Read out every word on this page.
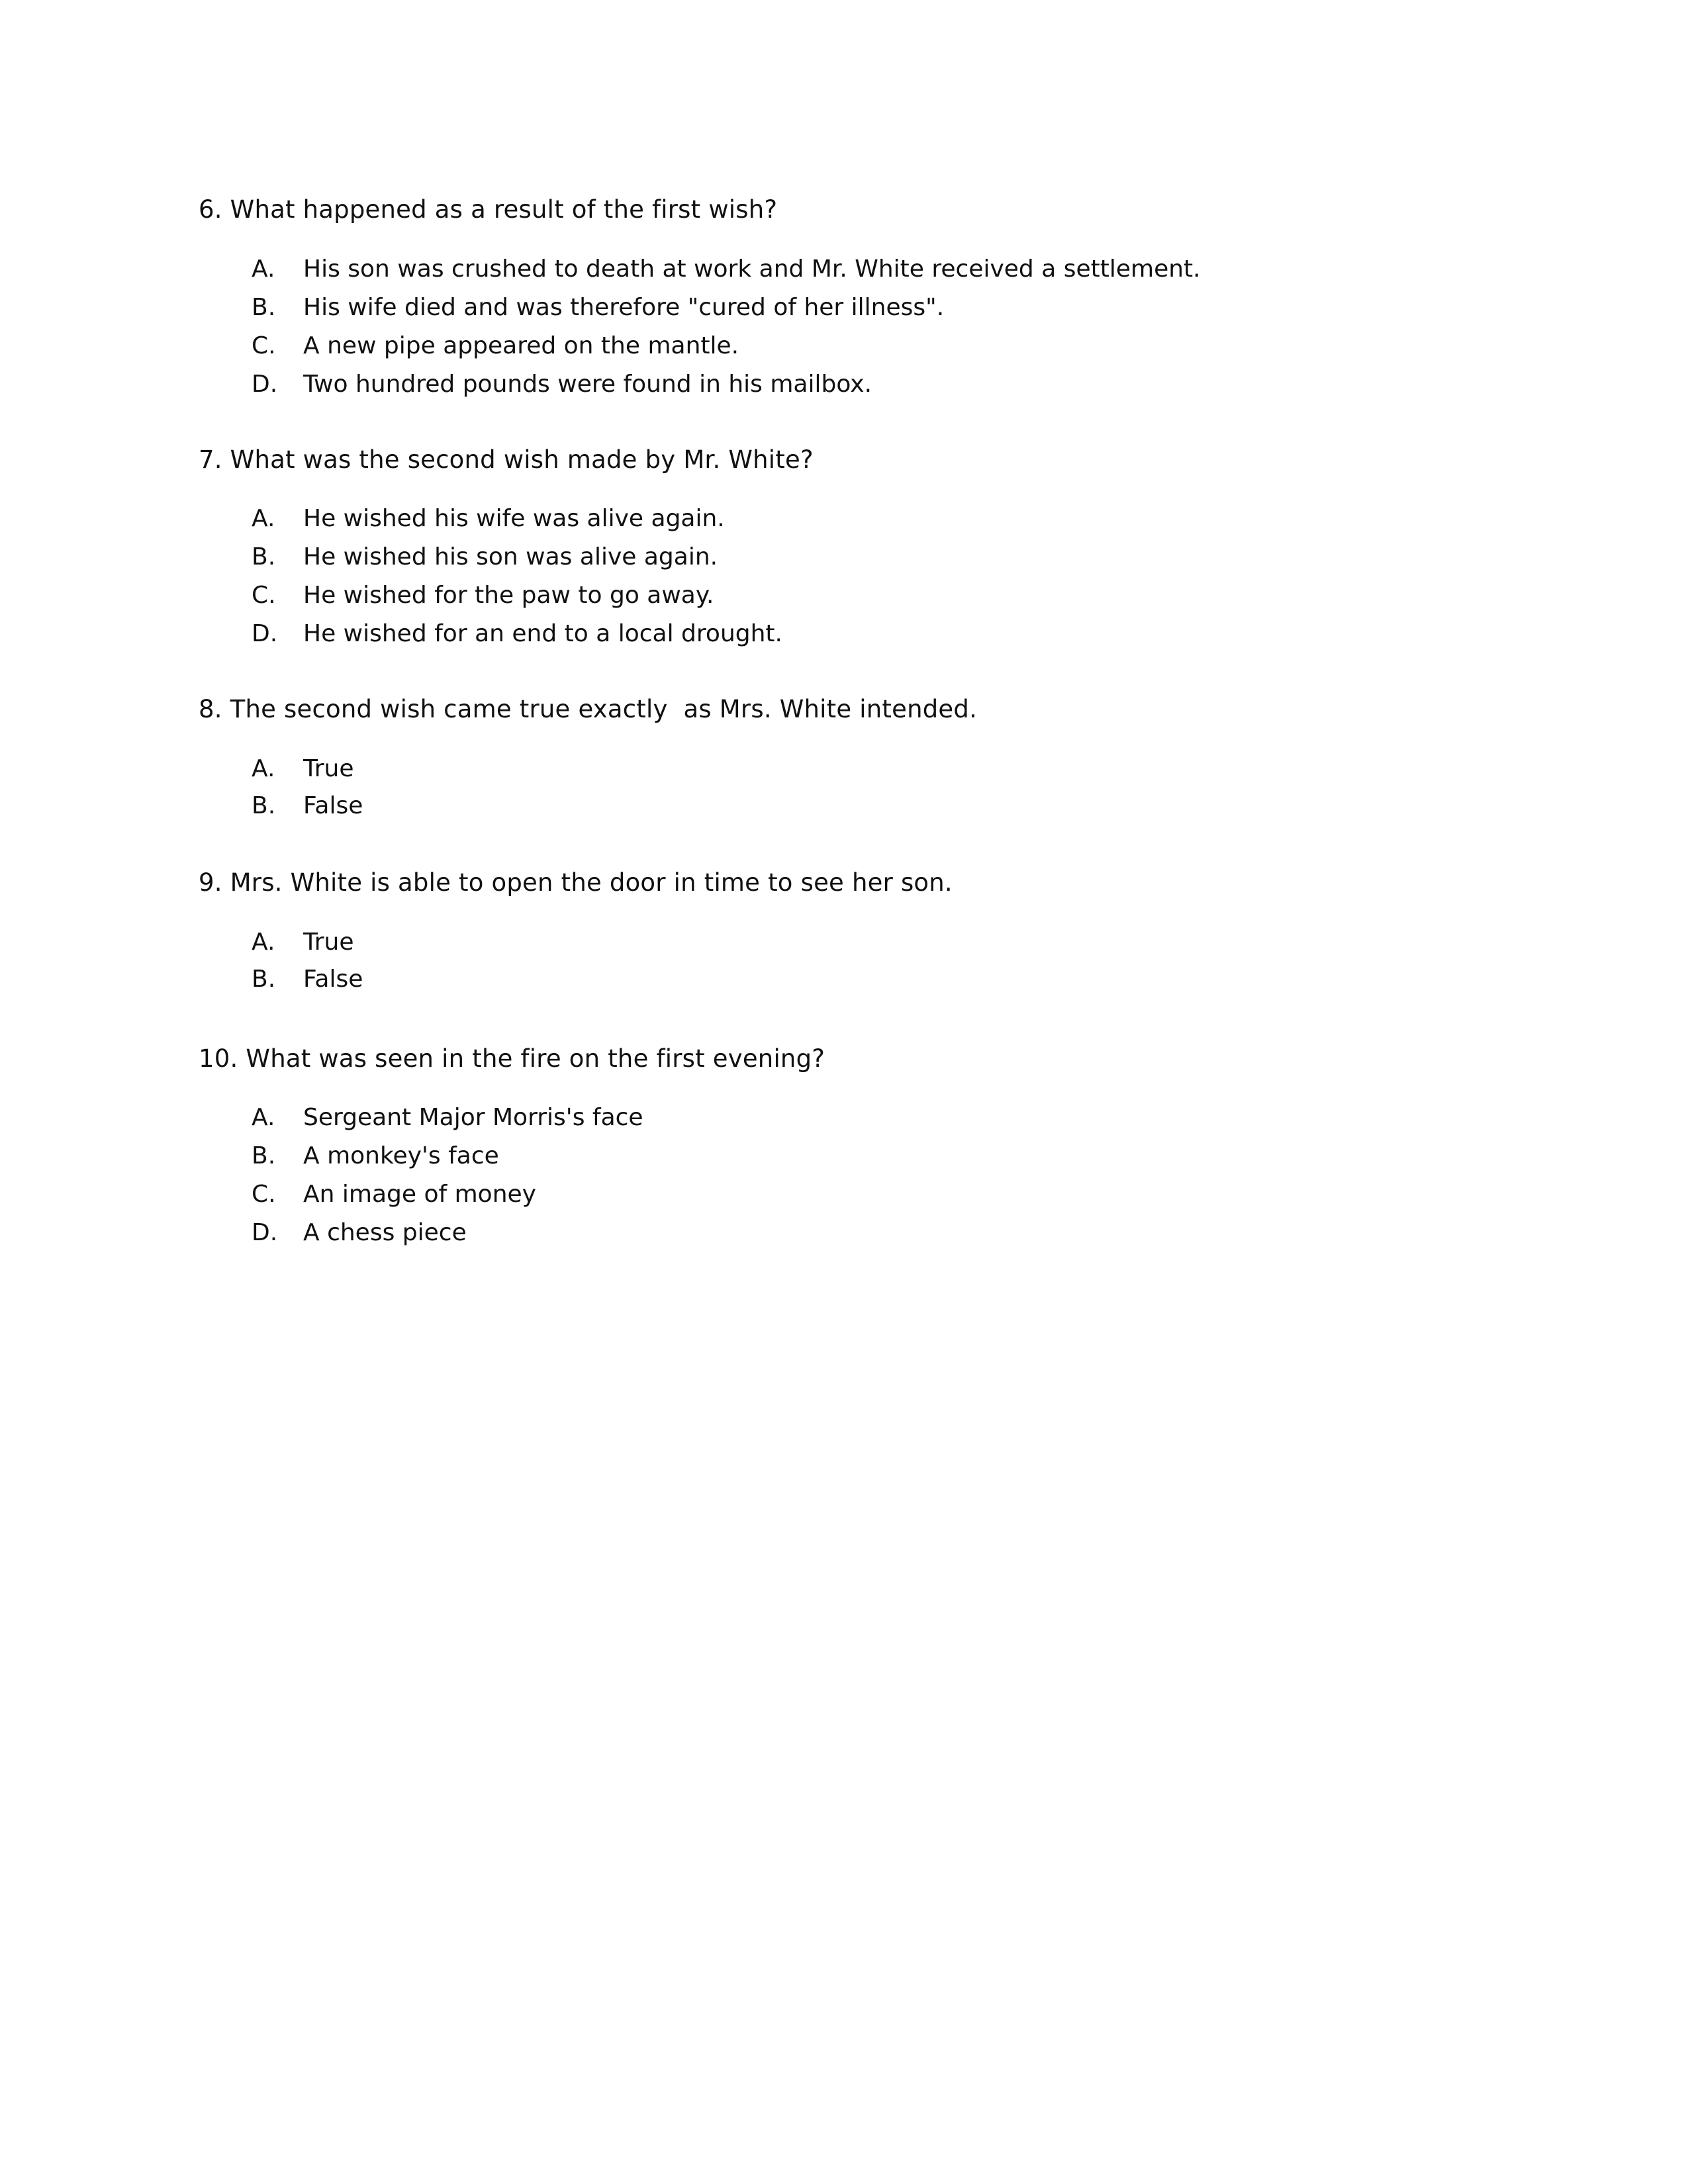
6. What happened as a result of the first wish?

A.	His son was crushed to death at work and Mr. White received a settlement.
B.	His wife died and was therefore "cured of her illness".
C.	A new pipe appeared on the mantle.
D.	Two hundred pounds were found in his mailbox.

7. What was the second wish made by Mr. White?

A.	He wished his wife was alive again.
B.	He wished his son was alive again.
C.	He wished for the paw to go away.
D.	He wished for an end to a local drought.

8. The second wish came true exactly  as Mrs. White intended.

A.	True
B.	False

9. Mrs. White is able to open the door in time to see her son.

A.	True
B.	False

10. What was seen in the fire on the first evening?

A.	Sergeant Major Morris's face
B.	A monkey's face
C.	An image of money
D.	A chess piece
